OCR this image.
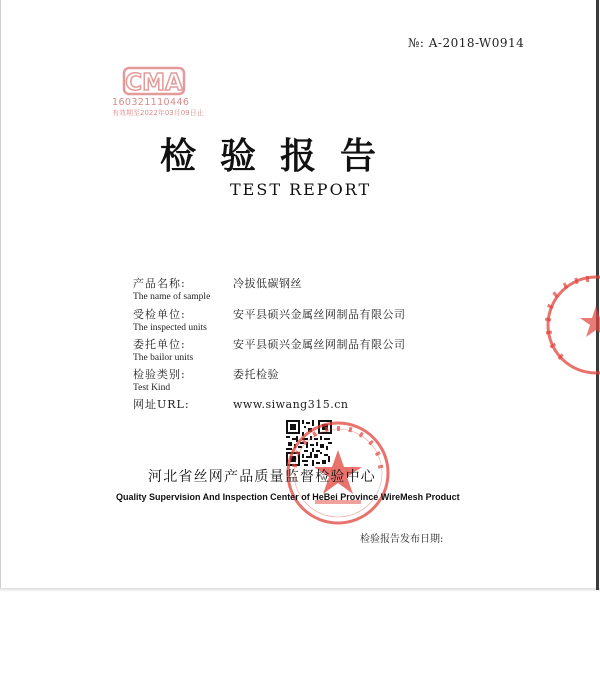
№: A-2018-W0914
CMA
160321110446
有效期至2022年03月09日止
检验报告
TEST REPORT
产品名称:
The name of sample
冷拔低碳钢丝
受检单位:
The inspected units
安平县硕兴金属丝网制品有限公司
委托单位:
The bailor units
安平县硕兴金属丝网制品有限公司
检验类别:
Test Kind
委托检验
网址URL:	www.siwang315.cn
河北省丝网产品质量监督检验中心
Quality Supervision And Inspection Center of HeBei Province WireMesh Product
检验报告发布日期:
